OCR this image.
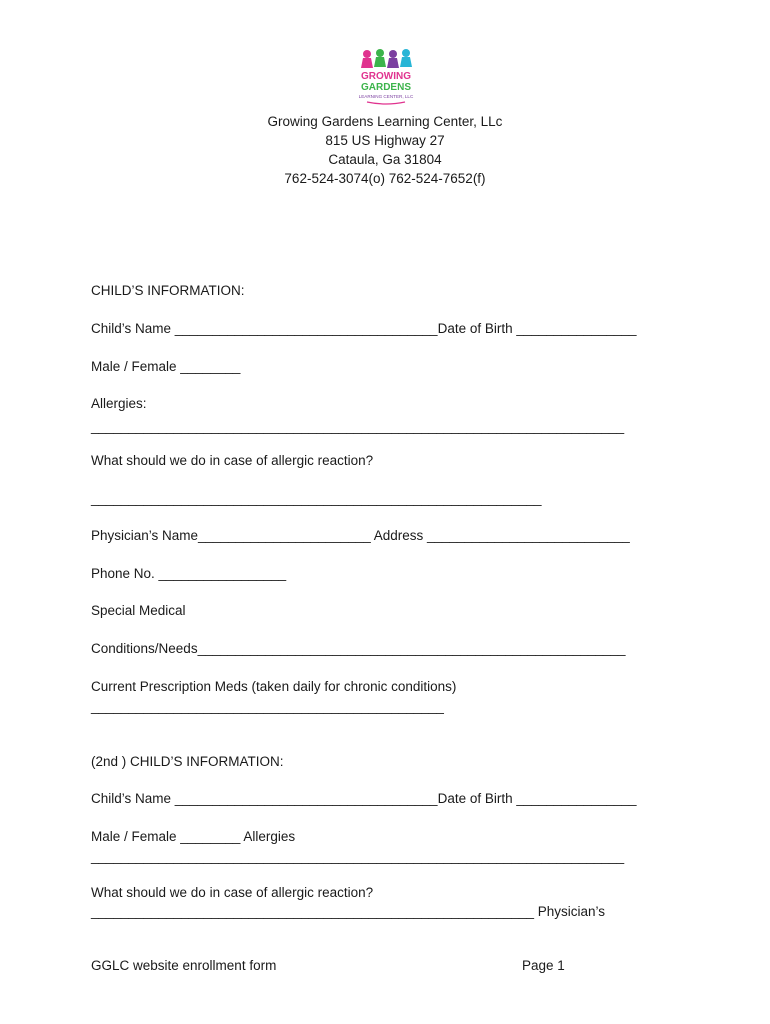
GROWING
GARDENS
LEARNING CENTER, LLC
Growing Gardens Learning Center, LLc
815 US Highway 27
Cataula, Ga 31804
762-524-3074(o) 762-524-7652(f)
CHILD’S INFORMATION:
Child’s Name ___________________________________Date of Birth ________________
Male / Female ________
Allergies:
_______________________________________________________________________
What should we do in case of allergic reaction?
____________________________________________________________
Physician’s Name_______________________ Address ___________________________
Phone No. _________________
Special Medical
Conditions/Needs_________________________________________________________
Current Prescription Meds (taken daily for chronic conditions)
_______________________________________________
(2nd ) CHILD’S INFORMATION:
Child’s Name ___________________________________Date of Birth ________________
Male / Female ________ Allergies
_______________________________________________________________________
What should we do in case of allergic reaction?
___________________________________________________________ Physician’s
GGLC website enrollment form	Page 1
